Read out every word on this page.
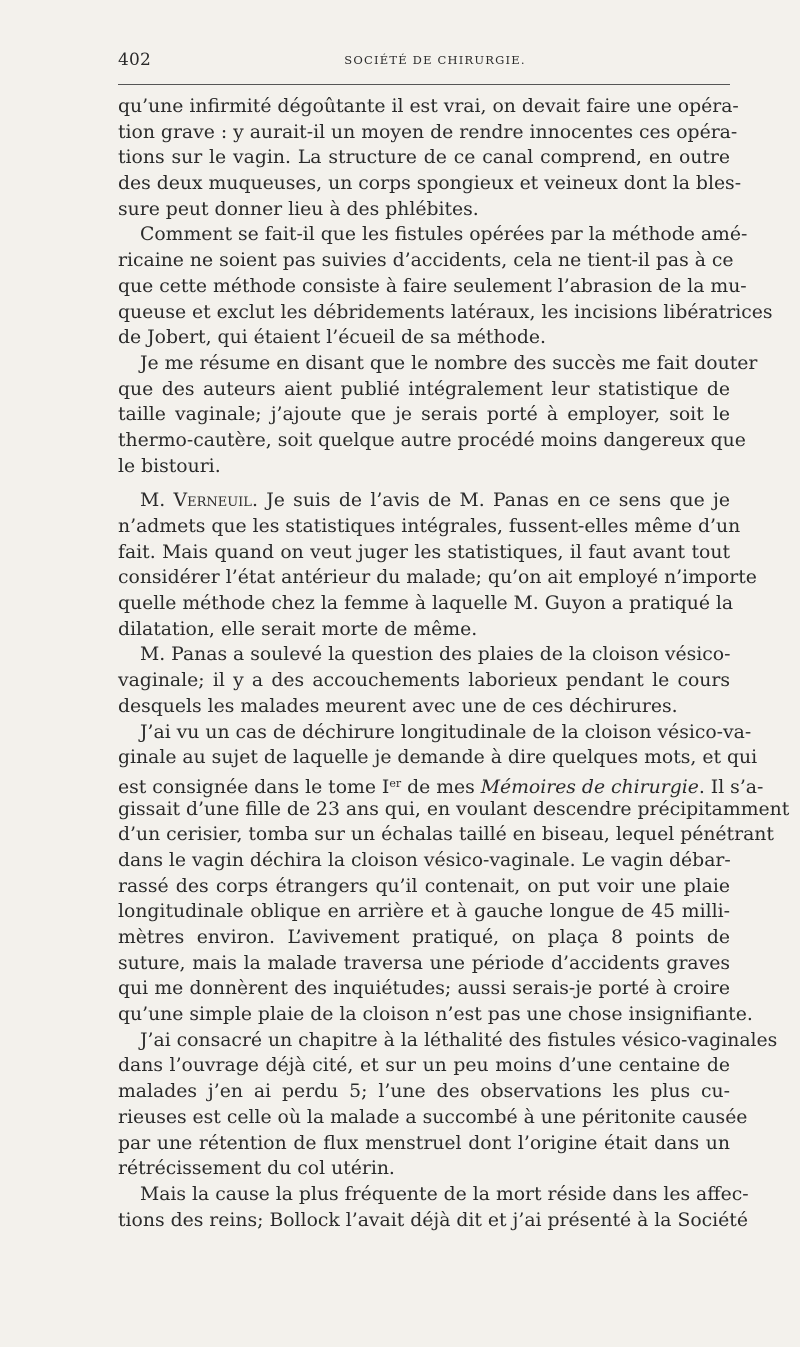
402	SOCIÉTÉ DE CHIRURGIE.
qu’une infirmité dégoûtante il est vrai, on devait faire une opéra-
tion grave : y aurait-il un moyen de rendre innocentes ces opéra-
tions sur le vagin. La structure de ce canal comprend, en outre
des deux muqueuses, un corps spongieux et veineux dont la bles-
sure peut donner lieu à des phlébites.
Comment se fait-il que les fistules opérées par la méthode amé-
ricaine ne soient pas suivies d’accidents, cela ne tient-il pas à ce
que cette méthode consiste à faire seulement l’abrasion de la mu-
queuse et exclut les débridements latéraux, les incisions libératrices
de Jobert, qui étaient l’écueil de sa méthode.
Je me résume en disant que le nombre des succès me fait douter
que des auteurs aient publié intégralement leur statistique de
taille vaginale; j’ajoute que je serais porté à employer, soit le
thermo-cautère, soit quelque autre procédé moins dangereux que
le bistouri.
M. Verneuil. Je suis de l’avis de M. Panas en ce sens que je
n’admets que les statistiques intégrales, fussent-elles même d’un
fait. Mais quand on veut juger les statistiques, il faut avant tout
considérer l’état antérieur du malade; qu’on ait employé n’importe
quelle méthode chez la femme à laquelle M. Guyon a pratiqué la
dilatation, elle serait morte de même.
M. Panas a soulevé la question des plaies de la cloison vésico-
vaginale; il y a des accouchements laborieux pendant le cours
desquels les malades meurent avec une de ces déchirures.
J’ai vu un cas de déchirure longitudinale de la cloison vésico-va-
ginale au sujet de laquelle je demande à dire quelques mots, et qui
est consignée dans le tome Ier de mes Mémoires de chirurgie. Il s’a-
gissait d’une fille de 23 ans qui, en voulant descendre précipitamment
d’un cerisier, tomba sur un échalas taillé en biseau, lequel pénétrant
dans le vagin déchira la cloison vésico-vaginale. Le vagin débar-
rassé des corps étrangers qu’il contenait, on put voir une plaie
longitudinale oblique en arrière et à gauche longue de 45 milli-
mètres environ. L’avivement pratiqué, on plaça 8 points de
suture, mais la malade traversa une période d’accidents graves
qui me donnèrent des inquiétudes; aussi serais-je porté à croire
qu’une simple plaie de la cloison n’est pas une chose insignifiante.
J’ai consacré un chapitre à la léthalité des fistules vésico-vaginales
dans l’ouvrage déjà cité, et sur un peu moins d’une centaine de
malades j’en ai perdu 5; l’une des observations les plus cu-
rieuses est celle où la malade a succombé à une péritonite causée
par une rétention de flux menstruel dont l’origine était dans un
rétrécissement du col utérin.
Mais la cause la plus fréquente de la mort réside dans les affec-
tions des reins; Bollock l’avait déjà dit et j’ai présenté à la Société
